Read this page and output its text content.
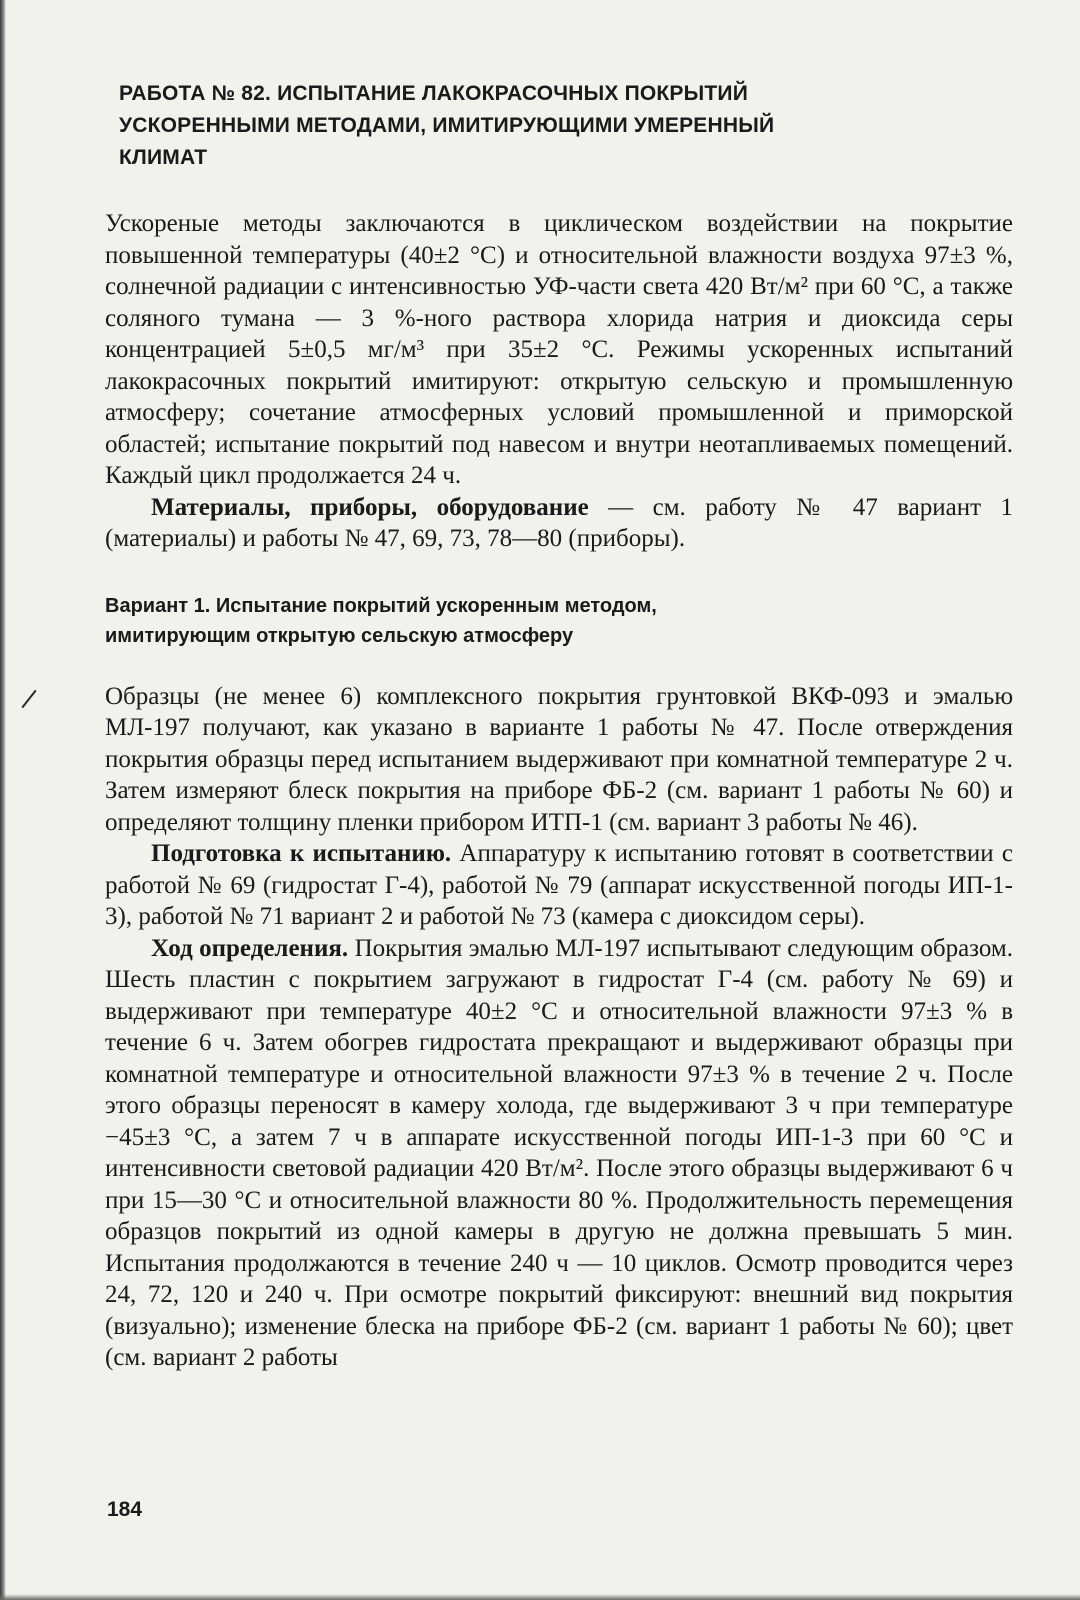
РАБОТА № 82. ИСПЫТАНИЕ ЛАКОКРАСОЧНЫХ ПОКРЫТИЙ
УСКОРЕННЫМИ МЕТОДАМИ, ИМИТИРУЮЩИМИ УМЕРЕННЫЙ
КЛИМАТ

Ускореные методы заключаются в циклическом воздействии на покрытие повышенной температуры (40±2 °С) и относительной влажности воздуха 97±3 %, солнечной радиации с интенсивностью УФ-части света 420 Вт/м² при 60 °С, а также соляного тумана — 3 %-ного раствора хлорида натрия и диоксида серы концентрацией 5±0,5 мг/м³ при 35±2 °С. Режимы ускоренных испытаний лакокрасочных покрытий имитируют: открытую сельскую и промышленную атмосферу; сочетание атмосферных условий промышленной и приморской областей; испытание покрытий под навесом и внутри неотапливаемых помещений. Каждый цикл продолжается 24 ч.

Материалы, приборы, оборудование — см. работу № 47 вариант 1 (материалы) и работы № 47, 69, 73, 78—80 (приборы).

Вариант 1. Испытание покрытий ускоренным методом,
имитирующим открытую сельскую атмосферу

Образцы (не менее 6) комплексного покрытия грунтовкой ВКФ-093 и эмалью МЛ-197 получают, как указано в варианте 1 работы № 47. После отверждения покрытия образцы перед испытанием выдерживают при комнатной температуре 2 ч. Затем измеряют блеск покрытия на приборе ФБ-2 (см. вариант 1 работы № 60) и определяют толщину пленки прибором ИТП-1 (см. вариант 3 работы № 46).

Подготовка к испытанию. Аппаратуру к испытанию готовят в соответствии с работой № 69 (гидростат Г-4), работой № 79 (аппарат искусственной погоды ИП-1-3), работой № 71 вариант 2 и работой № 73 (камера с диоксидом серы).

Ход определения. Покрытия эмалью МЛ-197 испытывают следующим образом. Шесть пластин с покрытием загружают в гидростат Г-4 (см. работу № 69) и выдерживают при температуре 40±2 °С и относительной влажности 97±3 % в течение 6 ч. Затем обогрев гидростата прекращают и выдерживают образцы при комнатной температуре и относительной влажности 97±3 % в течение 2 ч. После этого образцы переносят в камеру холода, где выдерживают 3 ч при температуре −45±3 °С, а затем 7 ч в аппарате искусственной погоды ИП-1-3 при 60 °С и интенсивности световой радиации 420 Вт/м². После этого образцы выдерживают 6 ч при 15—30 °С и относительной влажности 80 %. Продолжительность перемещения образцов покрытий из одной камеры в другую не должна превышать 5 мин. Испытания продолжаются в течение 240 ч — 10 циклов. Осмотр проводится через 24, 72, 120 и 240 ч. При осмотре покрытий фиксируют: внешний вид покрытия (визуально); изменение блеска на приборе ФБ-2 (см. вариант 1 работы № 60); цвет (см. вариант 2 работы

184
